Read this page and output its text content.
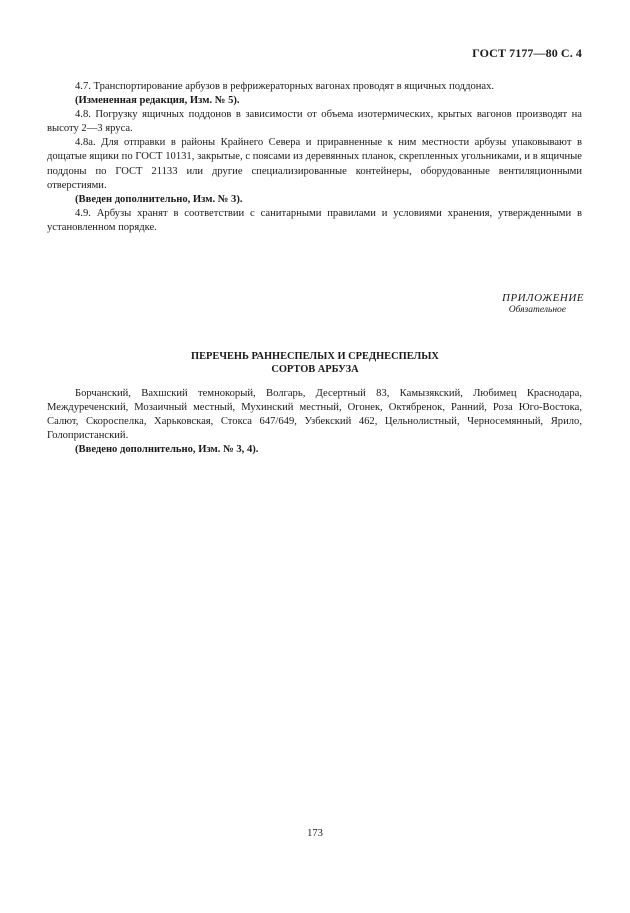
ГОСТ 7177—80 С. 4

4.7. Транспортирование арбузов в рефрижераторных вагонах проводят в ящичных поддонах.

(Измененная редакция, Изм. № 5).

4.8. Погрузку ящичных поддонов в зависимости от объема изотермических, крытых вагонов производят на высоту 2—3 яруса.

4.8а. Для отправки в районы Крайнего Севера и приравненные к ним местности арбузы упаковывают в дощатые ящики по ГОСТ 10131, закрытые, с поясами из деревянных планок, скрепленных угольниками, и в ящичные поддоны по ГОСТ 21133 или другие специализированные контейнеры, оборудованные вентиляционными отверстиями.

(Введен дополнительно, Изм. № 3).

4.9. Арбузы хранят в соответствии с санитарными правилами и условиями хранения, утвержденными в установленном порядке.

ПРИЛОЖЕНИЕ
Обязательное
ПЕРЕЧЕНЬ РАННЕСПЕЛЫХ И СРЕДНЕСПЕЛЫХ
СОРТОВ АРБУЗА

Борчанский, Вахшский темнокорый, Волгарь, Десертный 83, Камызякский, Любимец Краснодара, Междуреченский, Мозаичный местный, Мухинский местный, Огонек, Октябренок, Ранний, Роза Юго-Востока, Салют, Скороспелка, Харьковская, Стокса 647/649, Узбекский 462, Цельнолистный, Черносемянный, Ярило, Голопристанский.

(Введено дополнительно, Изм. № 3, 4).

173
